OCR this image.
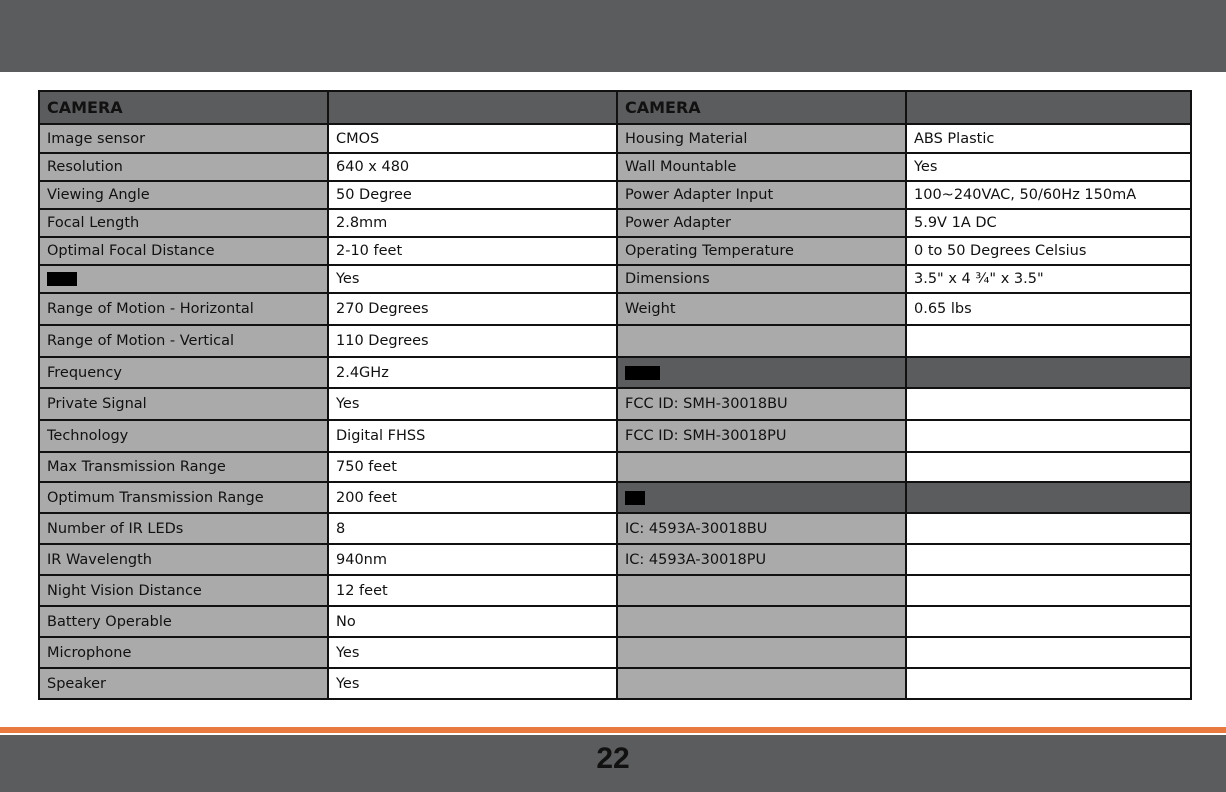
CAMERA		CAMERA	
Image sensor	CMOS	Housing Material	ABS Plastic
Resolution	640 x 480	Wall Mountable	Yes
Viewing Angle	50 Degree	Power Adapter Input	100~240VAC, 50/60Hz 150mA
Focal Length	2.8mm	Power Adapter	5.9V 1A DC
Optimal Focal Distance	2-10 feet	Operating Temperature	0 to 50 Degrees Celsius
	Yes	Dimensions	3.5" x 4 ¾" x 3.5"
Range of Motion - Horizontal	270 Degrees	Weight	0.65 lbs
Range of Motion - Vertical	110 Degrees		
Frequency	2.4GHz		
Private Signal	Yes	FCC ID: SMH-30018BU	
Technology	Digital FHSS	FCC ID: SMH-30018PU	
Max Transmission Range	750 feet		
Optimum Transmission Range	200 feet		
Number of IR LEDs	8	IC: 4593A-30018BU	
IR Wavelength	940nm	IC: 4593A-30018PU	
Night Vision Distance	12 feet		
Battery Operable	No		
Microphone	Yes		
Speaker	Yes		
22
